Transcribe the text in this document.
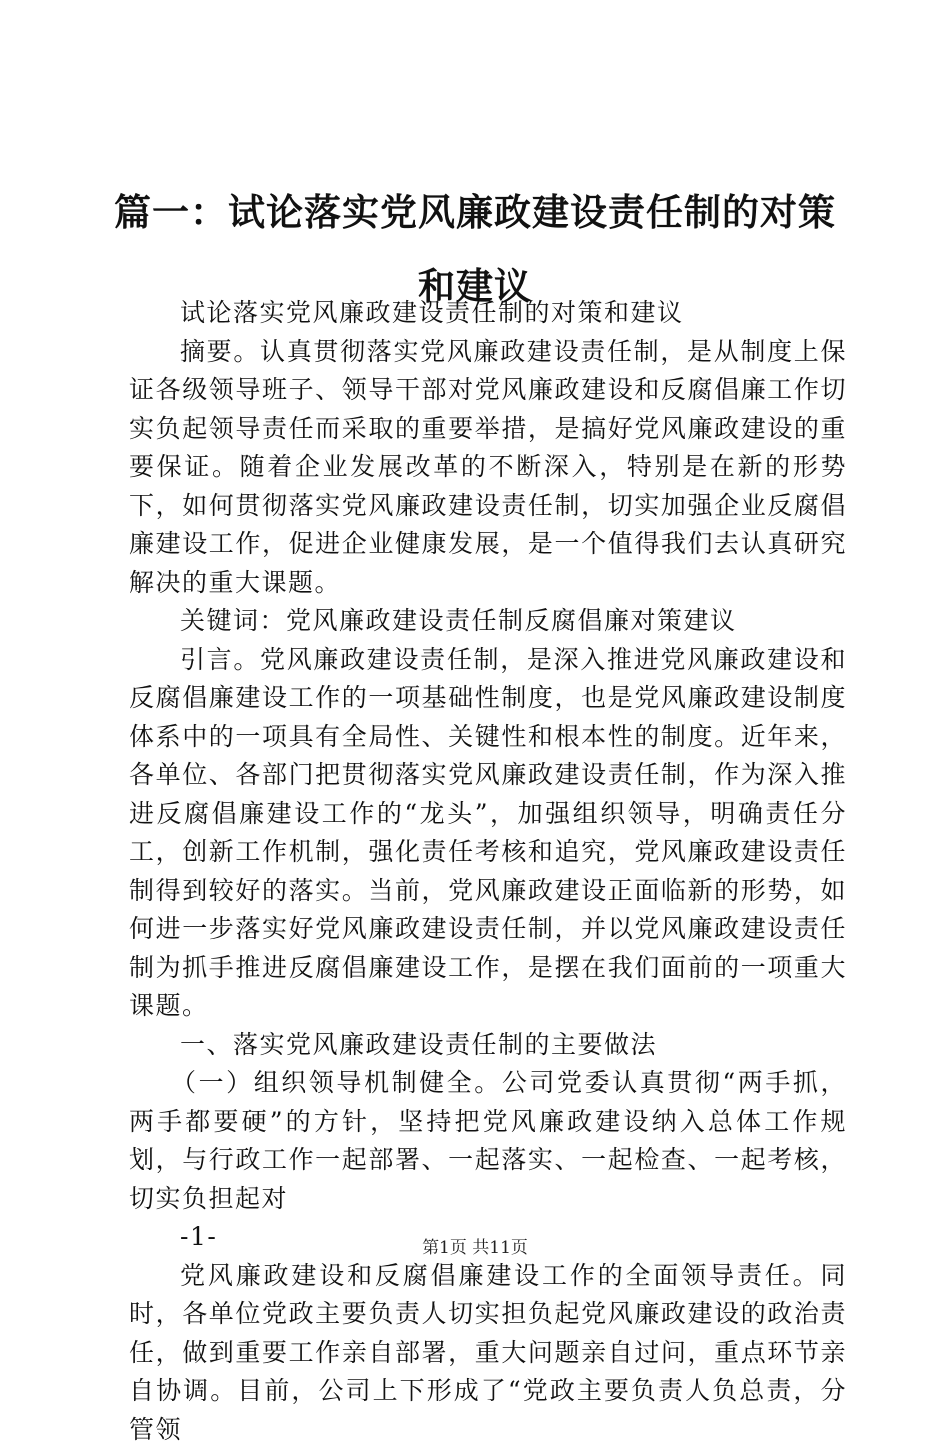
篇一：试论落实党风廉政建设责任制的对策和建议

试论落实党风廉政建设责任制的对策和建议

摘要。认真贯彻落实党风廉政建设责任制，是从制度上保证各级领导班子、领导干部对党风廉政建设和反腐倡廉工作切实负起领导责任而采取的重要举措，是搞好党风廉政建设的重要保证。随着企业发展改革的不断深入，特别是在新的形势下，如何贯彻落实党风廉政建设责任制，切实加强企业反腐倡廉建设工作，促进企业健康发展，是一个值得我们去认真研究解决的重大课题。

关键词：党风廉政建设责任制反腐倡廉对策建议

引言。党风廉政建设责任制，是深入推进党风廉政建设和反腐倡廉建设工作的一项基础性制度，也是党风廉政建设制度体系中的一项具有全局性、关键性和根本性的制度。近年来，各单位、各部门把贯彻落实党风廉政建设责任制，作为深入推进反腐倡廉建设工作的“龙头”，加强组织领导，明确责任分工，创新工作机制，强化责任考核和追究，党风廉政建设责任制得到较好的落实。当前，党风廉政建设正面临新的形势，如何进一步落实好党风廉政建设责任制，并以党风廉政建设责任制为抓手推进反腐倡廉建设工作，是摆在我们面前的一项重大课题。

一、落实党风廉政建设责任制的主要做法

（一）组织领导机制健全。公司党委认真贯彻“两手抓，两手都要硬”的方针，坚持把党风廉政建设纳入总体工作规划，与行政工作一起部署、一起落实、一起检查、一起考核，切实负担起对

-1-

党风廉政建设和反腐倡廉建设工作的全面领导责任。同时，各单位党政主要负责人切实担负起党风廉政建设的政治责任，做到重要工作亲自部署，重大问题亲自过问，重点环节亲自协调。目前，公司上下形成了“党政主要负责人负总责，分管领

第1页 共11页
